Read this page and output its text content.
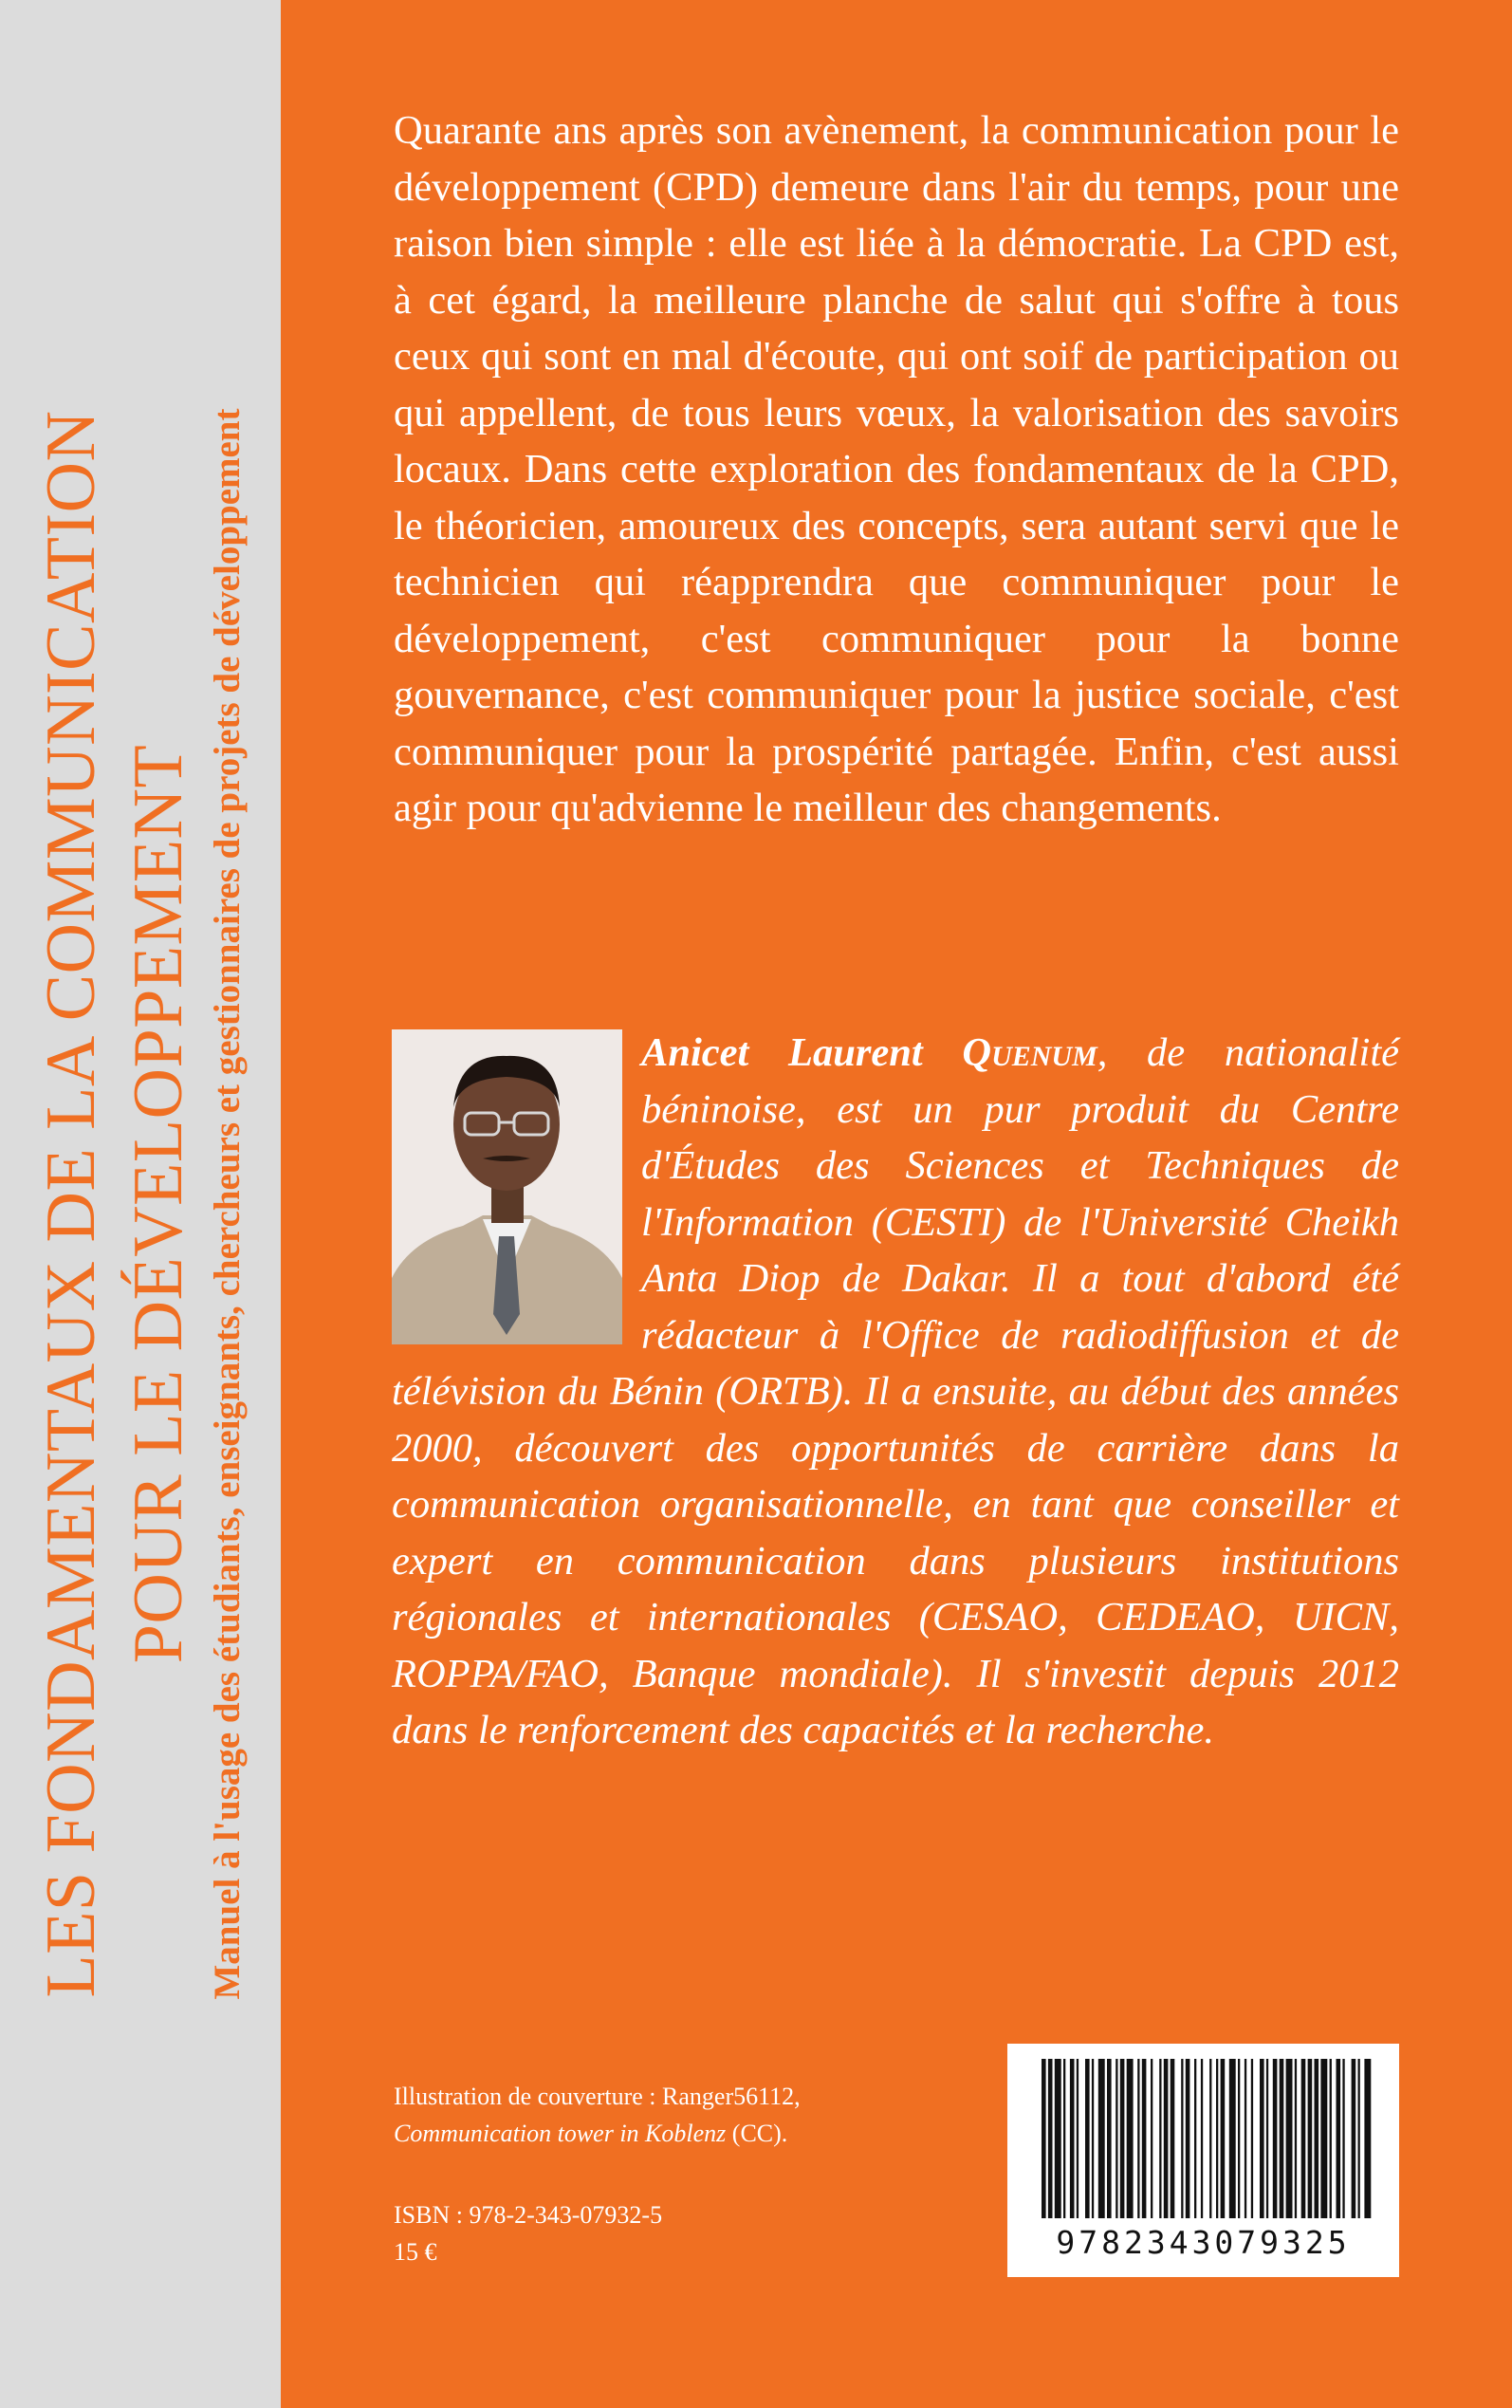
LES FONDAMENTAUX DE LA COMMUNICATION POUR LE DÉVELOPPEMENT Manuel à l'usage des étudiants, enseignants, chercheurs et gestionnaires de projets de développement

Quarante ans après son avènement, la communication pour le développement (CPD) demeure dans l'air du temps, pour une raison bien simple : elle est liée à la démocratie. La CPD est, à cet égard, la meilleure planche de salut qui s'offre à tous ceux qui sont en mal d'écoute, qui ont soif de participation ou qui appellent, de tous leurs vœux, la valorisation des savoirs locaux. Dans cette exploration des fondamentaux de la CPD, le théoricien, amoureux des concepts, sera autant servi que le technicien qui réapprendra que communiquer pour le développement, c'est communiquer pour la bonne gouvernance, c'est communiquer pour la justice sociale, c'est communiquer pour la prospérité partagée. Enfin, c'est aussi agir pour qu'advienne le meilleur des changements.

Anicet Laurent Quenum, de nationalité béninoise, est un pur produit du Centre d'Études des Sciences et Techniques de l'Information (CESTI) de l'Université Cheikh Anta Diop de Dakar. Il a tout d'abord été rédacteur à l'Office de radiodiffusion et de télévision du Bénin (ORTB). Il a ensuite, au début des années 2000, découvert des opportunités de carrière dans la communication organisationnelle, en tant que conseiller et expert en communication dans plusieurs institutions régionales et internationales (CESAO, CEDEAO, UICN, ROPPA/FAO, Banque mondiale). Il s'investit depuis 2012 dans le renforcement des capacités et la recherche.

Illustration de couverture : Ranger56112,
Communication tower in Koblenz (CC).
ISBN : 978-2-343-07932-5
15 €	9782343079325
